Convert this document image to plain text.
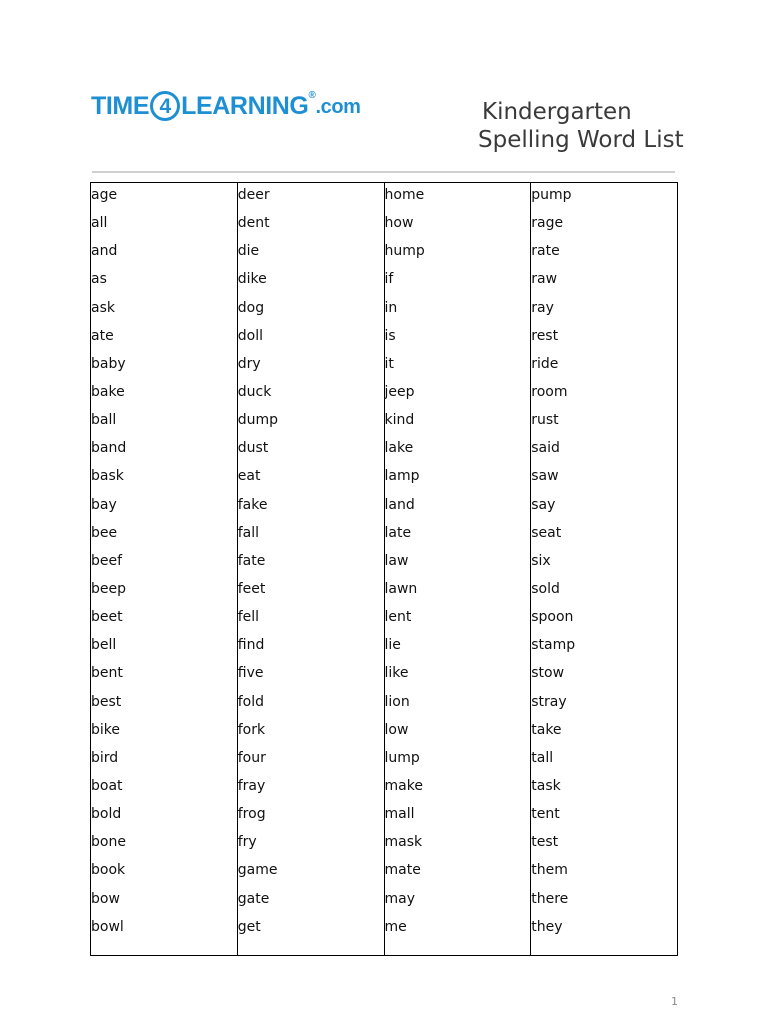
TIME 4 LEARNING ® .com	Kindergarten
Spelling Word List
age
all
and
as
ask
ate
baby
bake
ball
band
bask
bay
bee
beef
beep
beet
bell
bent
best
bike
bird
boat
bold
bone
book
bow
bowl
deer
dent
die
dike
dog
doll
dry
duck
dump
dust
eat
fake
fall
fate
feet
fell
find
five
fold
fork
four
fray
frog
fry
game
gate
get
home
how
hump
if
in
is
it
jeep
kind
lake
lamp
land
late
law
lawn
lent
lie
like
lion
low
lump
make
mall
mask
mate
may
me
pump
rage
rate
raw
ray
rest
ride
room
rust
said
saw
say
seat
six
sold
spoon
stamp
stow
stray
take
tall
task
tent
test
them
there
they
1
